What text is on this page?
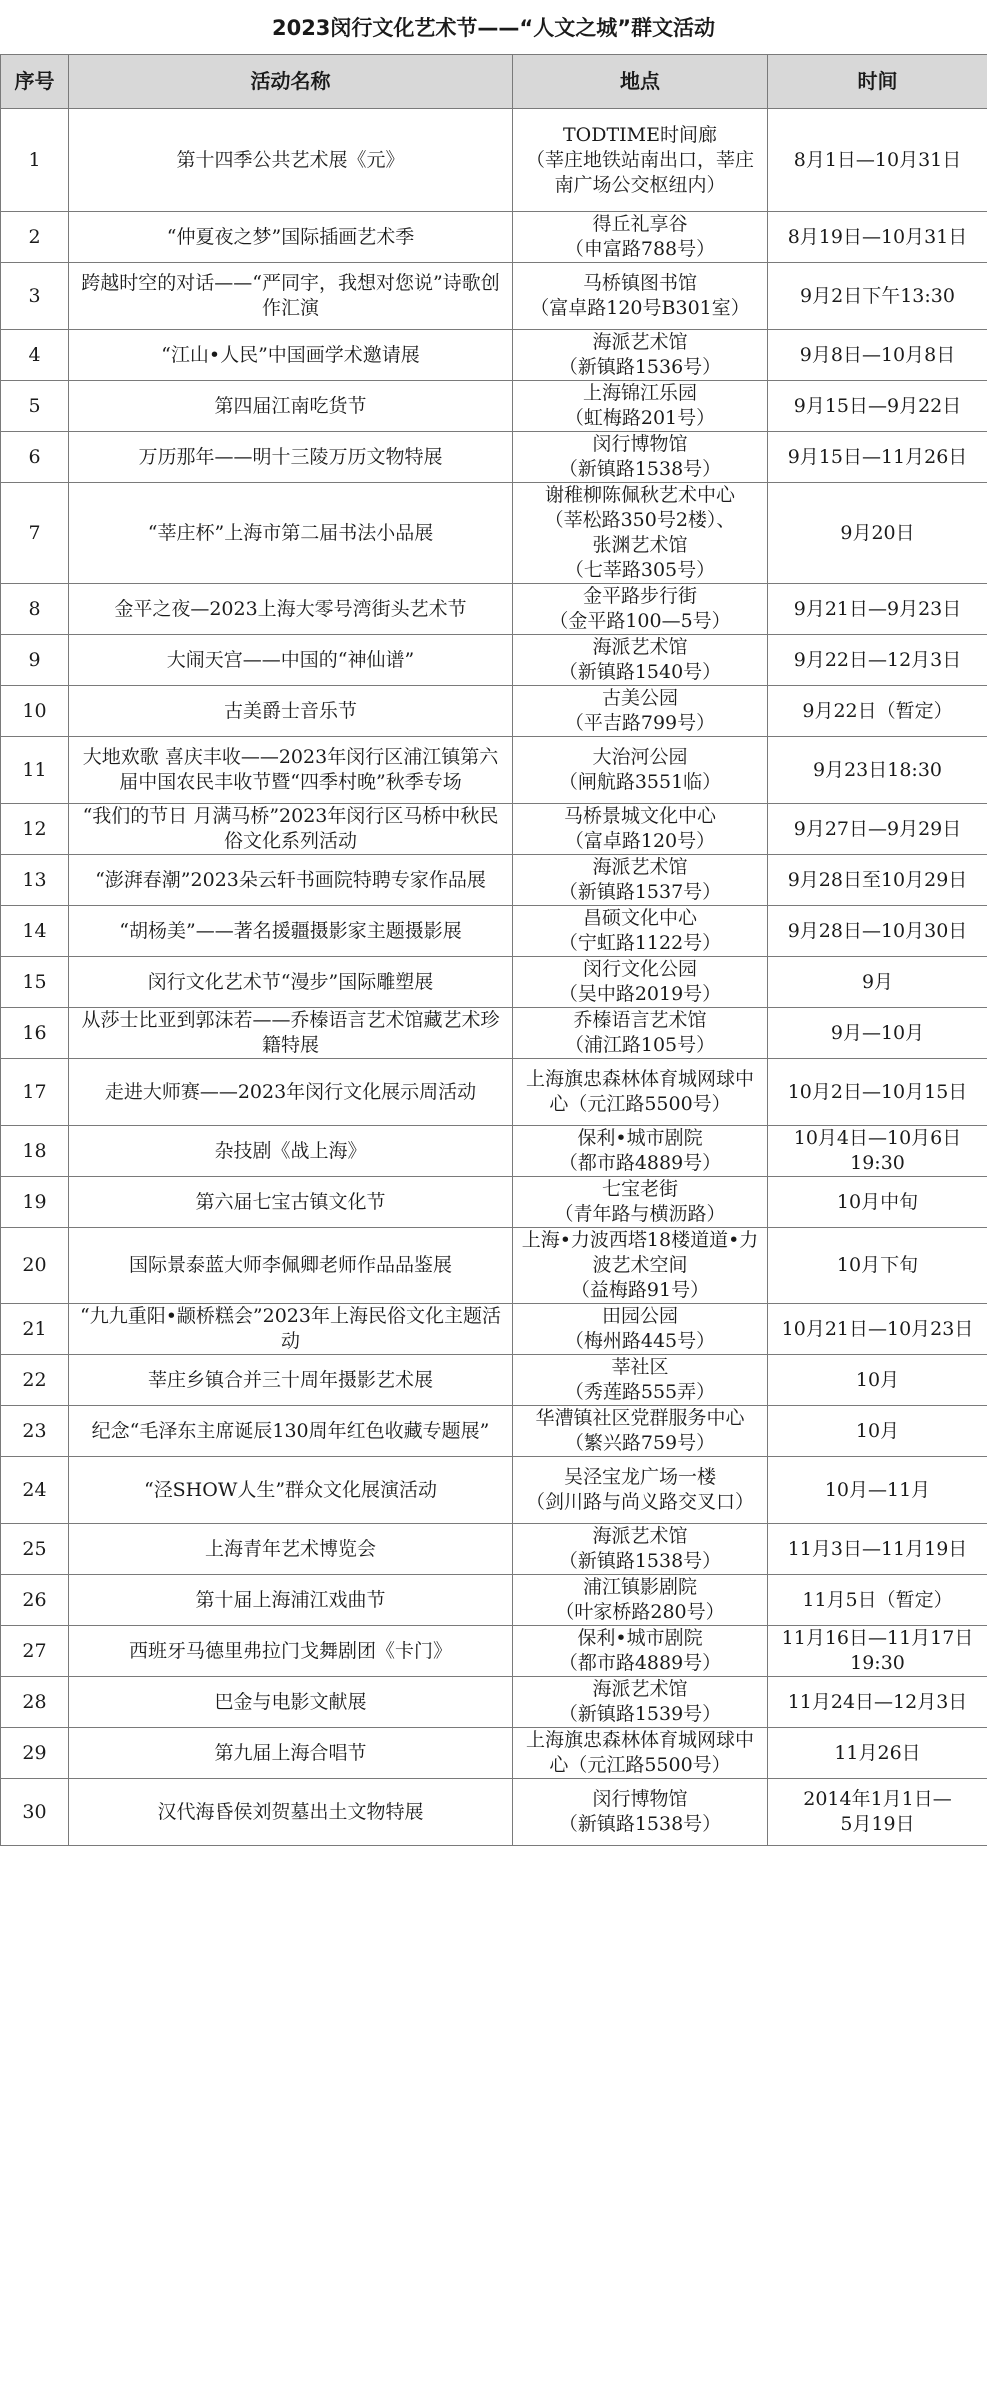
2023闵行文化艺术节——“人文之城”群文活动
序号	活动名称	地点	时间
1	第十四季公共艺术展《元》	TODTIME时间廊
（莘庄地铁站南出口，莘庄南广场公交枢纽内）	8月1日—10月31日
2	“仲夏夜之梦”国际插画艺术季	得丘礼享谷
（申富路788号）	8月19日—10月31日
3	跨越时空的对话——“严同宇，我想对您说”诗歌创作汇演	马桥镇图书馆
（富卓路120号B301室）	9月2日下午13:30
4	“江山•人民”中国画学术邀请展	海派艺术馆
（新镇路1536号）	9月8日—10月8日
5	第四届江南吃货节	上海锦江乐园
（虹梅路201号）	9月15日—9月22日
6	万历那年——明十三陵万历文物特展	闵行博物馆
（新镇路1538号）	9月15日—11月26日
7	“莘庄杯”上海市第二届书法小品展	谢稚柳陈佩秋艺术中心
（莘松路350号2楼）、
张渊艺术馆
（七莘路305号）	9月20日
8	金平之夜—2023上海大零号湾街头艺术节	金平路步行街
（金平路100—5号）	9月21日—9月23日
9	大闹天宫——中国的“神仙谱”	海派艺术馆
（新镇路1540号）	9月22日—12月3日
10	古美爵士音乐节	古美公园
（平吉路799号）	9月22日（暂定）
11	大地欢歌 喜庆丰收——2023年闵行区浦江镇第六届中国农民丰收节暨“四季村晚”秋季专场	大治河公园
（闸航路3551临）	9月23日18:30
12	“我们的节日 月满马桥”2023年闵行区马桥中秋民俗文化系列活动	马桥景城文化中心
（富卓路120号）	9月27日—9月29日
13	“澎湃春潮”2023朵云轩书画院特聘专家作品展	海派艺术馆
（新镇路1537号）	9月28日至10月29日
14	“胡杨美”——著名援疆摄影家主题摄影展	昌硕文化中心
（宁虹路1122号）	9月28日—10月30日
15	闵行文化艺术节“漫步”国际雕塑展	闵行文化公园
（吴中路2019号）	9月
16	从莎士比亚到郭沫若——乔榛语言艺术馆藏艺术珍籍特展	乔榛语言艺术馆
（浦江路105号）	9月—10月
17	走进大师赛——2023年闵行文化展示周活动	上海旗忠森林体育城网球中心（元江路5500号）	10月2日—10月15日
18	杂技剧《战上海》	保利•城市剧院
（都市路4889号）	10月4日—10月6日
19:30
19	第六届七宝古镇文化节	七宝老街
（青年路与横沥路）	10月中旬
20	国际景泰蓝大师李佩卿老师作品品鉴展	上海•力波西塔18楼道道•力波艺术空间
（益梅路91号）	10月下旬
21	“九九重阳•颛桥糕会”2023年上海民俗文化主题活动	田园公园
（梅州路445号）	10月21日—10月23日
22	莘庄乡镇合并三十周年摄影艺术展	莘社区
（秀莲路555弄）	10月
23	纪念“毛泽东主席诞辰130周年红色收藏专题展”	华漕镇社区党群服务中心
（繁兴路759号）	10月
24	“泾SHOW人生”群众文化展演活动	吴泾宝龙广场一楼
（剑川路与尚义路交叉口）	10月—11月
25	上海青年艺术博览会	海派艺术馆
（新镇路1538号）	11月3日—11月19日
26	第十届上海浦江戏曲节	浦江镇影剧院
（叶家桥路280号）	11月5日（暂定）
27	西班牙马德里弗拉门戈舞剧团《卡门》	保利•城市剧院
（都市路4889号）	11月16日—11月17日
19:30
28	巴金与电影文献展	海派艺术馆
（新镇路1539号）	11月24日—12月3日
29	第九届上海合唱节	上海旗忠森林体育城网球中心（元江路5500号）	11月26日
30	汉代海昏侯刘贺墓出土文物特展	闵行博物馆
（新镇路1538号）	2014年1月1日—
5月19日
